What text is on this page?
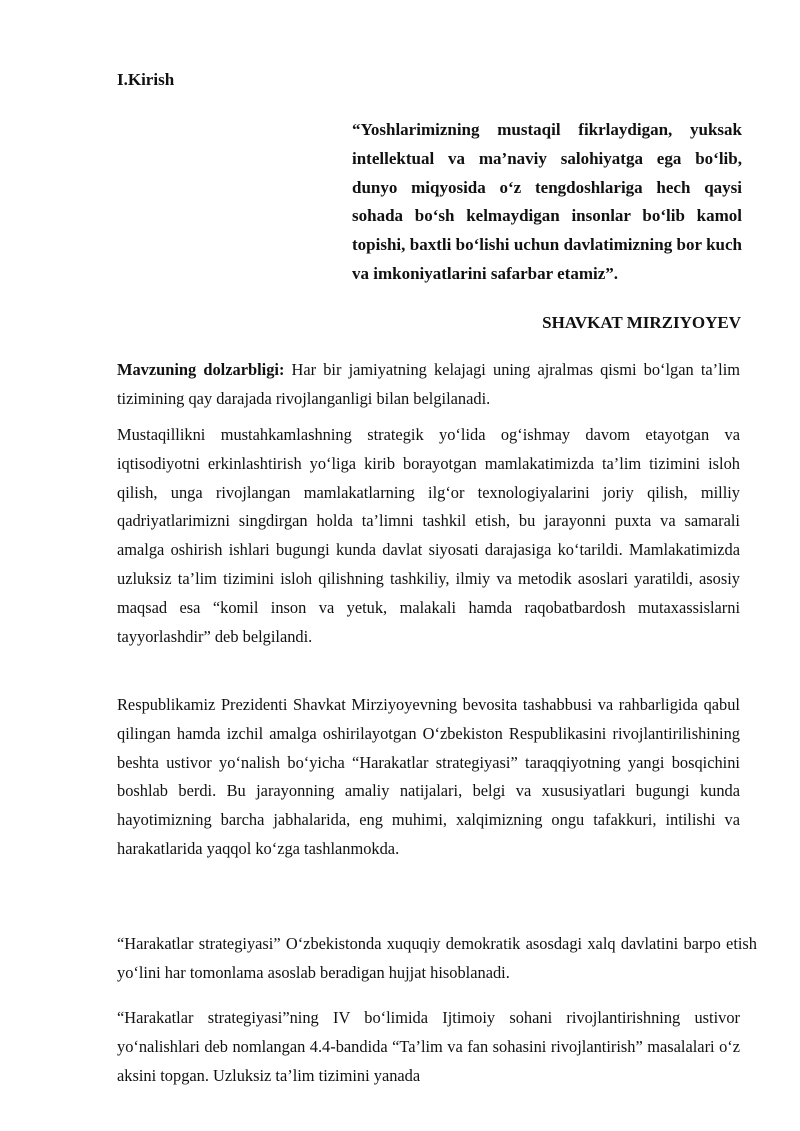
I.Kirish
“Yoshlarimizning mustaqil fikrlaydigan, yuksak intellektual va ma’naviy salohiyatga ega bo‘lib, dunyo miqyosida o‘z tengdoshlariga hech qaysi sohada bo‘sh kelmaydigan insonlar bo‘lib kamol topishi, baxtli bo‘lishi uchun davlatimizning bor kuch va imkoniyatlarini safarbar etamiz”.
SHAVKAT MIRZIYOYEV

Mavzuning dolzarbligi: Har bir jamiyatning kelajagi uning ajralmas qismi bo‘lgan ta’lim tizimining qay darajada rivojlanganligi bilan belgilanadi.

Mustaqillikni mustahkamlashning strategik yo‘lida og‘ishmay davom etayotgan va iqtisodiyotni erkinlashtirish yo‘liga kirib borayotgan mamlakatimizda ta’lim tizimini isloh qilish, unga rivojlangan mamlakatlarning ilg‘or texnologiyalarini joriy qilish, milliy qadriyatlarimizni singdirgan holda ta’limni tashkil etish, bu jarayonni puxta va samarali amalga oshirish ishlari bugungi kunda davlat siyosati darajasiga ko‘tarildi. Mamlakatimizda uzluksiz ta’lim tizimini isloh qilishning tashkiliy, ilmiy va metodik asoslari yaratildi, asosiy maqsad esa “komil inson va yetuk, malakali hamda raqobatbardosh mutaxassislarni tayyorlashdir” deb belgilandi.

Respublikamiz Prezidenti Shavkat Mirziyoyevning bevosita tashabbusi va rahbarligida qabul qilingan hamda izchil amalga oshirilayotgan O‘zbekiston Respublikasini rivojlantirilishining beshta ustivor yo‘nalish bo‘yicha “Harakatlar strategiyasi” taraqqiyotning yangi bosqichini boshlab berdi. Bu jarayonning amaliy natijalari, belgi va xususiyatlari bugungi kunda hayotimizning barcha jabhalarida, eng muhimi, xalqimizning ongu tafakkuri, intilishi va harakatlarida yaqqol ko‘zga tashlanmokda.

“Harakatlar strategiyasi” O‘zbekistonda xuquqiy demokratik asosdagi xalq davlatini barpo etish yo‘lini har tomonlama asoslab beradigan hujjat hisoblanadi.

“Harakatlar strategiyasi”ning IV bo‘limida Ijtimoiy sohani rivojlantirishning ustivor yo‘nalishlari deb nomlangan 4.4-bandida “Ta’lim va fan sohasini rivojlantirish” masalalari o‘z aksini topgan. Uzluksiz ta’lim tizimini yanada
